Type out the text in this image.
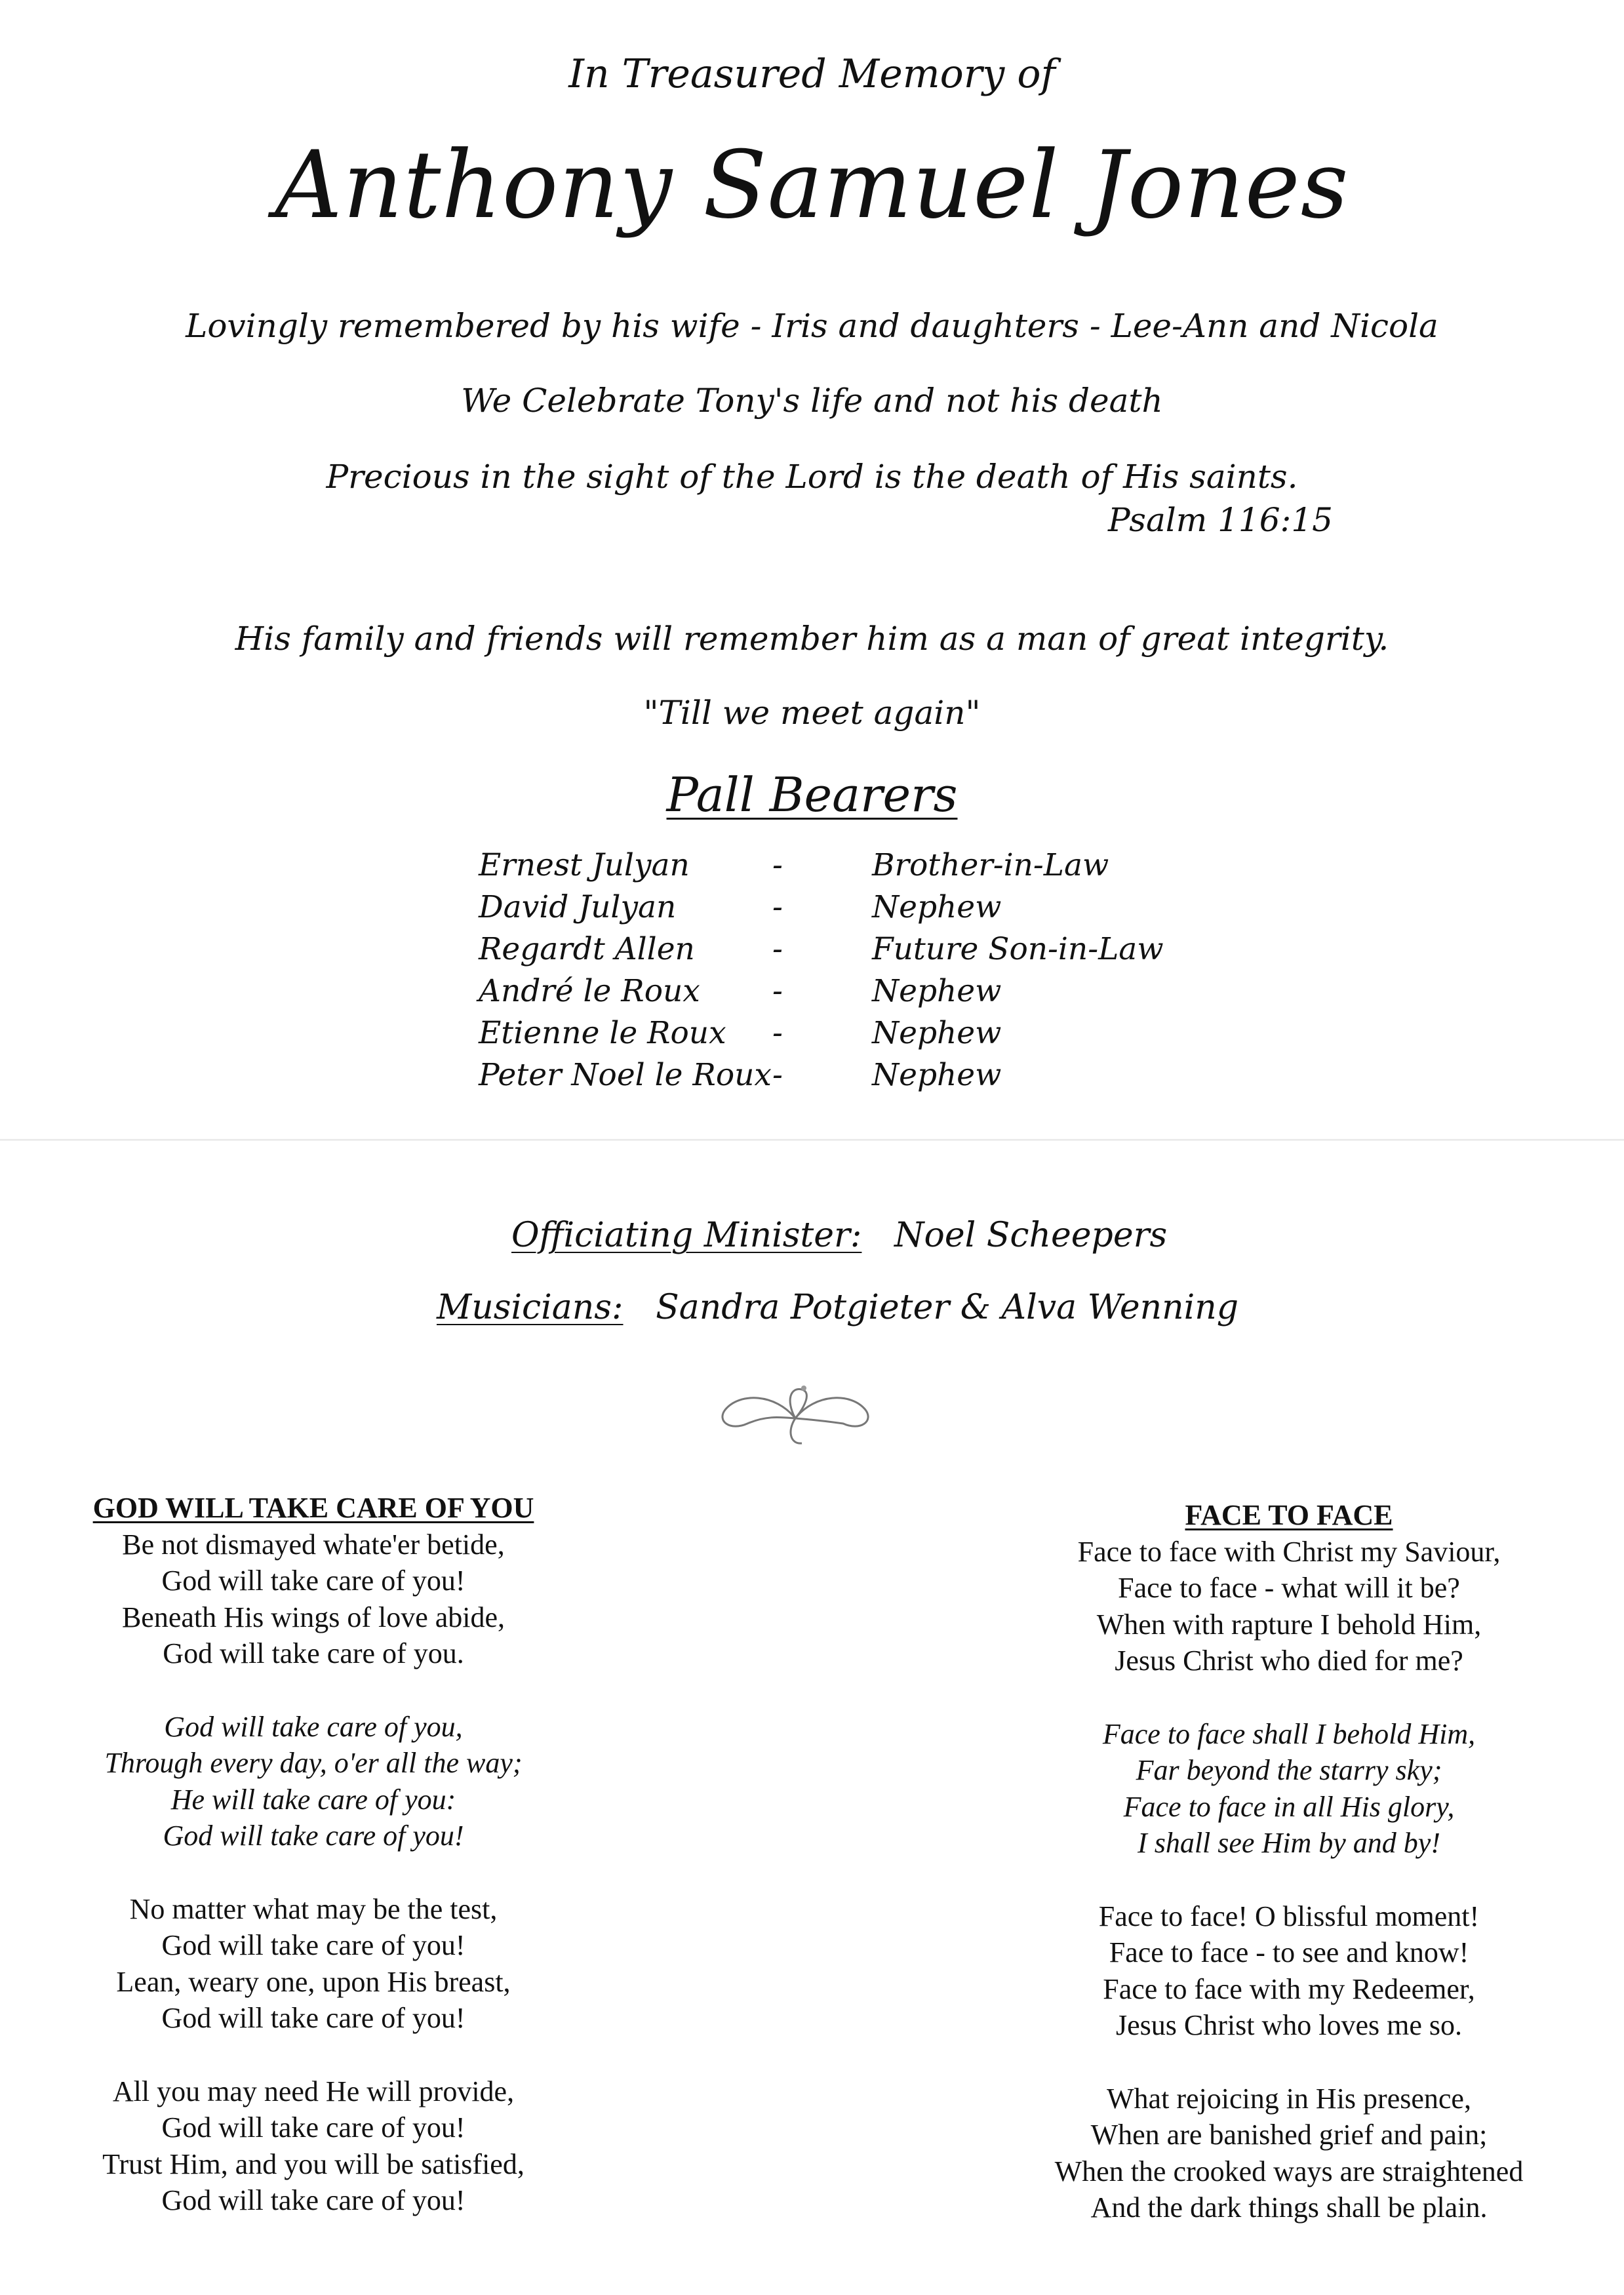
In Treasured Memory of
Anthony Samuel Jones
Lovingly remembered by his wife - Iris and daughters - Lee-Ann and Nicola
We Celebrate Tony's life and not his death
Precious in the sight of the Lord is the death of His saints.
Psalm 116:15
His family and friends will remember him as a man of great integrity.
"Till we meet again"
Pall Bearers
Ernest Julyan	-	Brother-in-Law
David Julyan	-	Nephew
Regardt Allen	-	Future Son-in-Law
André le Roux -	Nephew
Etienne le Roux -	Nephew
Peter Noel le Roux -	Nephew
Officiating Minister: Noel Scheepers
Musicians: Sandra Potgieter & Alva Wenning
GOD WILL TAKE CARE OF YOU
Be not dismayed whate'er betide,
God will take care of you!
Beneath His wings of love abide,
God will take care of you.
God will take care of you,
Through every day, o'er all the way;
He will take care of you:
God will take care of you!
No matter what may be the test,
God will take care of you!
Lean, weary one, upon His breast,
God will take care of you!
All you may need He will provide,
God will take care of you!
Trust Him, and you will be satisfied,
God will take care of you!
FACE TO FACE
Face to face with Christ my Saviour,
Face to face - what will it be?
When with rapture I behold Him,
Jesus Christ who died for me?
Face to face shall I behold Him,
Far beyond the starry sky;
Face to face in all His glory,
I shall see Him by and by!
Face to face! O blissful moment!
Face to face - to see and know!
Face to face with my Redeemer,
Jesus Christ who loves me so.
What rejoicing in His presence,
When are banished grief and pain;
When the crooked ways are straightened
And the dark things shall be plain.
